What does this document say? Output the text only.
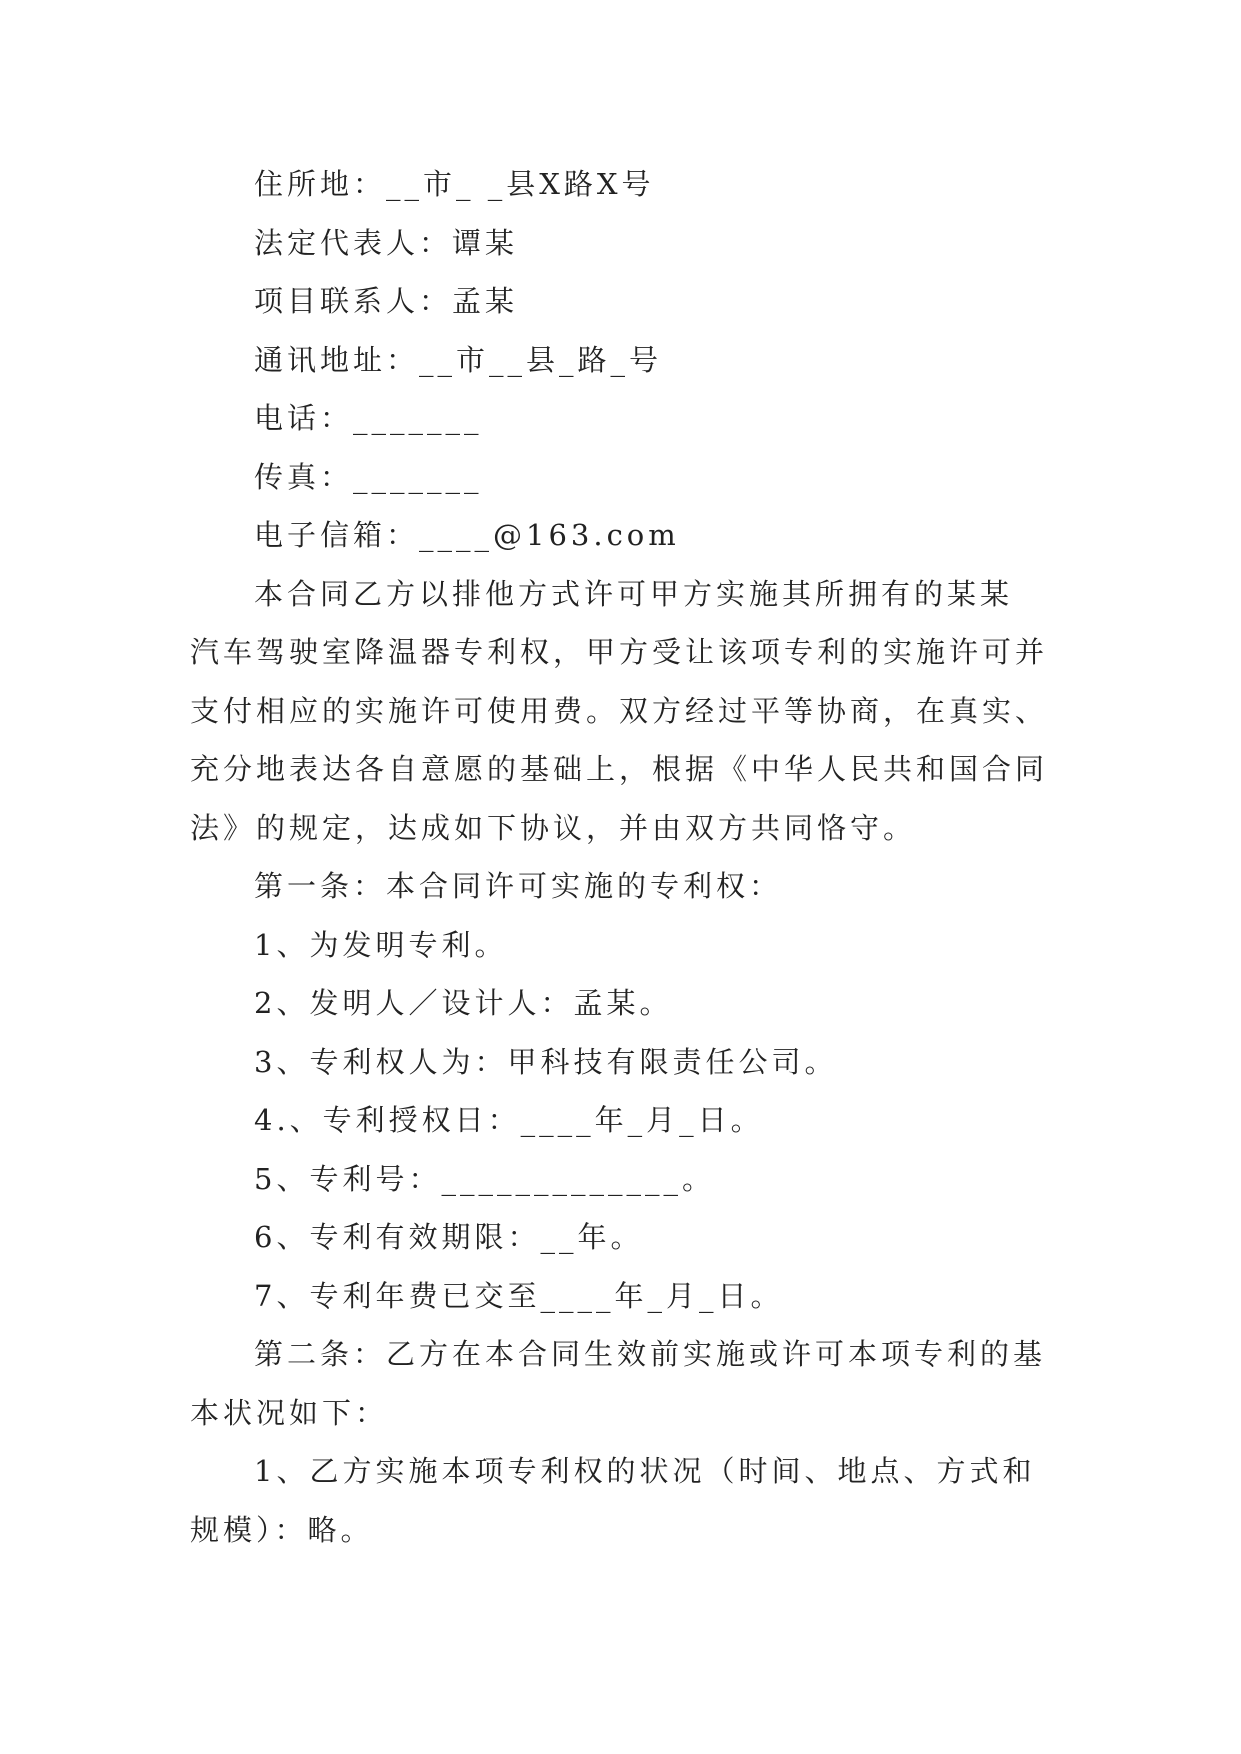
住所地：__市_ _县X路X号
法定代表人：谭某
项目联系人：孟某
通讯地址：__市__县_路_号
电话：_______
传真：_______
电子信箱：____@163.com
本合同乙方以排他方式许可甲方实施其所拥有的某某
汽车驾驶室降温器专利权，甲方受让该项专利的实施许可并
支付相应的实施许可使用费。双方经过平等协商，在真实、
充分地表达各自意愿的基础上，根据《中华人民共和国合同
法》的规定，达成如下协议，并由双方共同恪守。
第一条：本合同许可实施的专利权：
1、为发明专利。
2、发明人／设计人：孟某。
3、专利权人为：甲科技有限责任公司。
4.、专利授权日：____年_月_日。
5、专利号：_____________。
6、专利有效期限：__年。
7、专利年费已交至____年_月_日。
第二条：乙方在本合同生效前实施或许可本项专利的基
本状况如下：
1、乙方实施本项专利权的状况（时间、地点、方式和
规模）：略。
